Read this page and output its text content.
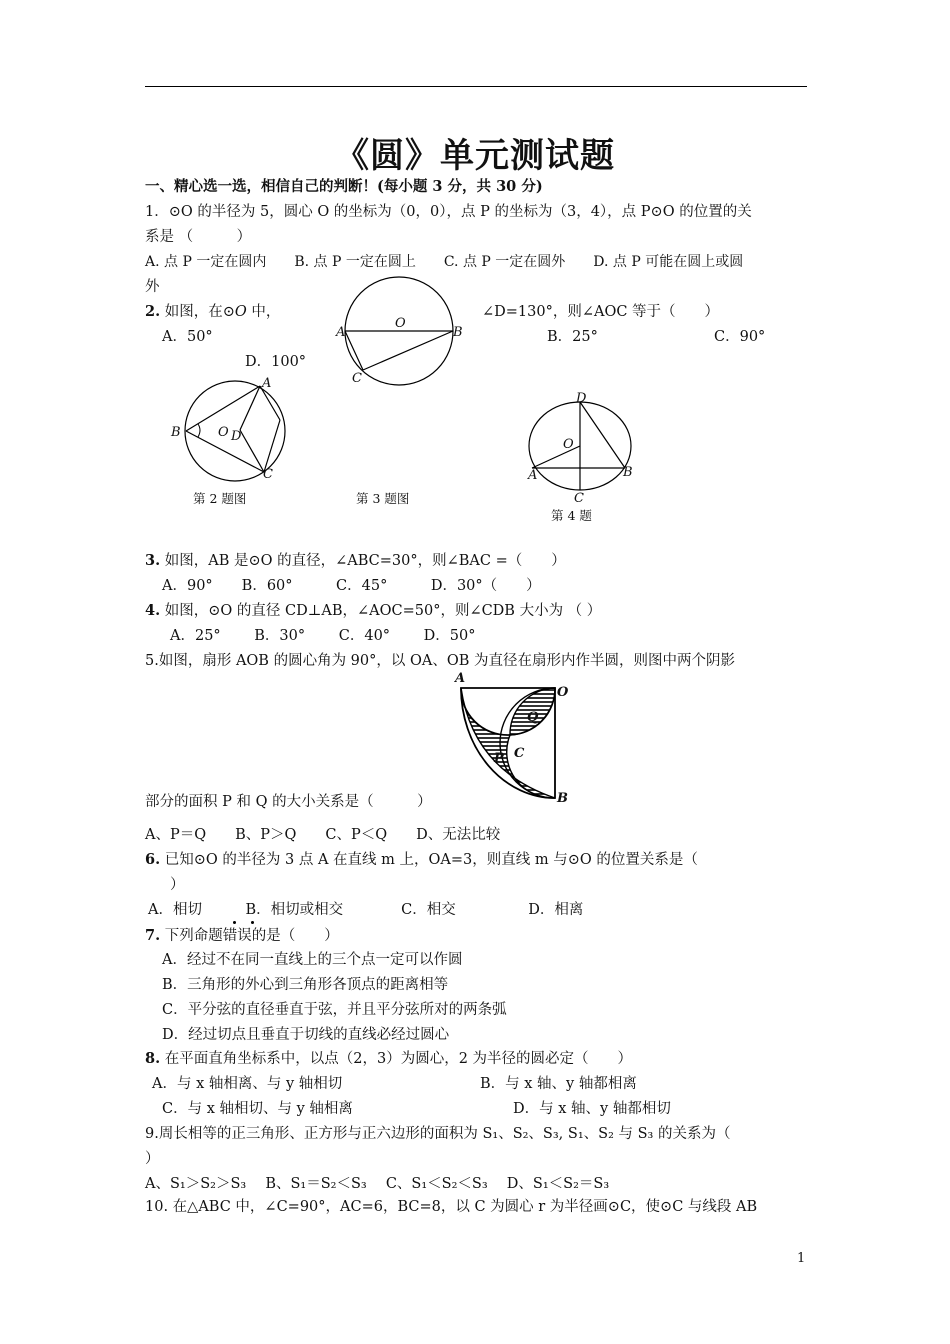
《圆》单元测试题
一、精心选一选，相信自己的判断！(每小题 3 分，共 30 分)
1．⊙O 的半径为 5，圆心 O 的坐标为（0，0），点 P 的坐标为（3，4），点 P⊙O 的位置的关
系是 （　　　）
A. 点 P 一定在圆内　　B. 点 P 一定在圆上　　C. 点 P 一定在圆外　　D. 点 P 可能在圆上或圆
外
2. 如图，在⊙O 中，	∠D=130°，则∠AOC 等于（　　）
A．50°	B．25°	C．90°
D．100°
A	B
C
O
A
B
C
O D
D
O
A	B
C
第 2 题图	第 3 题图
第 4 题
3. 如图，AB 是⊙O 的直径，∠ABC=30°，则∠BAC =（　　）
A．90°　　B．60°　　　C．45°　　　D．30°（　　）
4. 如图，⊙O 的直径 CD⊥AB，∠AOC=50°，则∠CDB 大小为 （ ）
A．25°　　 B．30°　　 C．40°　　 D．50°
5.如图，扇形 AOB 的圆心角为 90°，以 OA、OB 为直径在扇形内作半圆，则图中两个阴影
A
O
B
C
P
Q
部分的面积 P 和 Q 的大小关系是（　　　）
A、P＝Q　　B、P＞Q　　C、P＜Q　　D、无法比较
6. 已知⊙O 的半径为 3 点 A 在直线 m 上，OA=3，则直线 m 与⊙O 的位置关系是（
）
A．相切　　　B．相切或相交　　　　C．相交　　　　　D．相离
7. 下列命题错误的是（　　）
A．经过不在同一直线上的三个点一定可以作圆
B．三角形的外心到三角形各顶点的距离相等
C．平分弦的直径垂直于弦，并且平分弦所对的两条弧
D．经过切点且垂直于切线的直线必经过圆心
8. 在平面直角坐标系中，以点（2，3）为圆心，2 为半径的圆必定（　　）
A．与 x 轴相离、与 y 轴相切	B．与 x 轴、y 轴都相离
C．与 x 轴相切、与 y 轴相离	D．与 x 轴、y 轴都相切
9.周长相等的正三角形、正方形与正六边形的面积为 S₁、S₂、S₃, S₁、S₂ 与 S₃ 的关系为（
）
A、S₁＞S₂＞S₃　 B、S₁＝S₂＜S₃　 C、S₁＜S₂＜S₃　 D、S₁＜S₂＝S₃
10. 在△ABC 中，∠C=90°，AC=6，BC=8，以 C 为圆心 r 为半径画⊙C，使⊙C 与线段 AB
1
